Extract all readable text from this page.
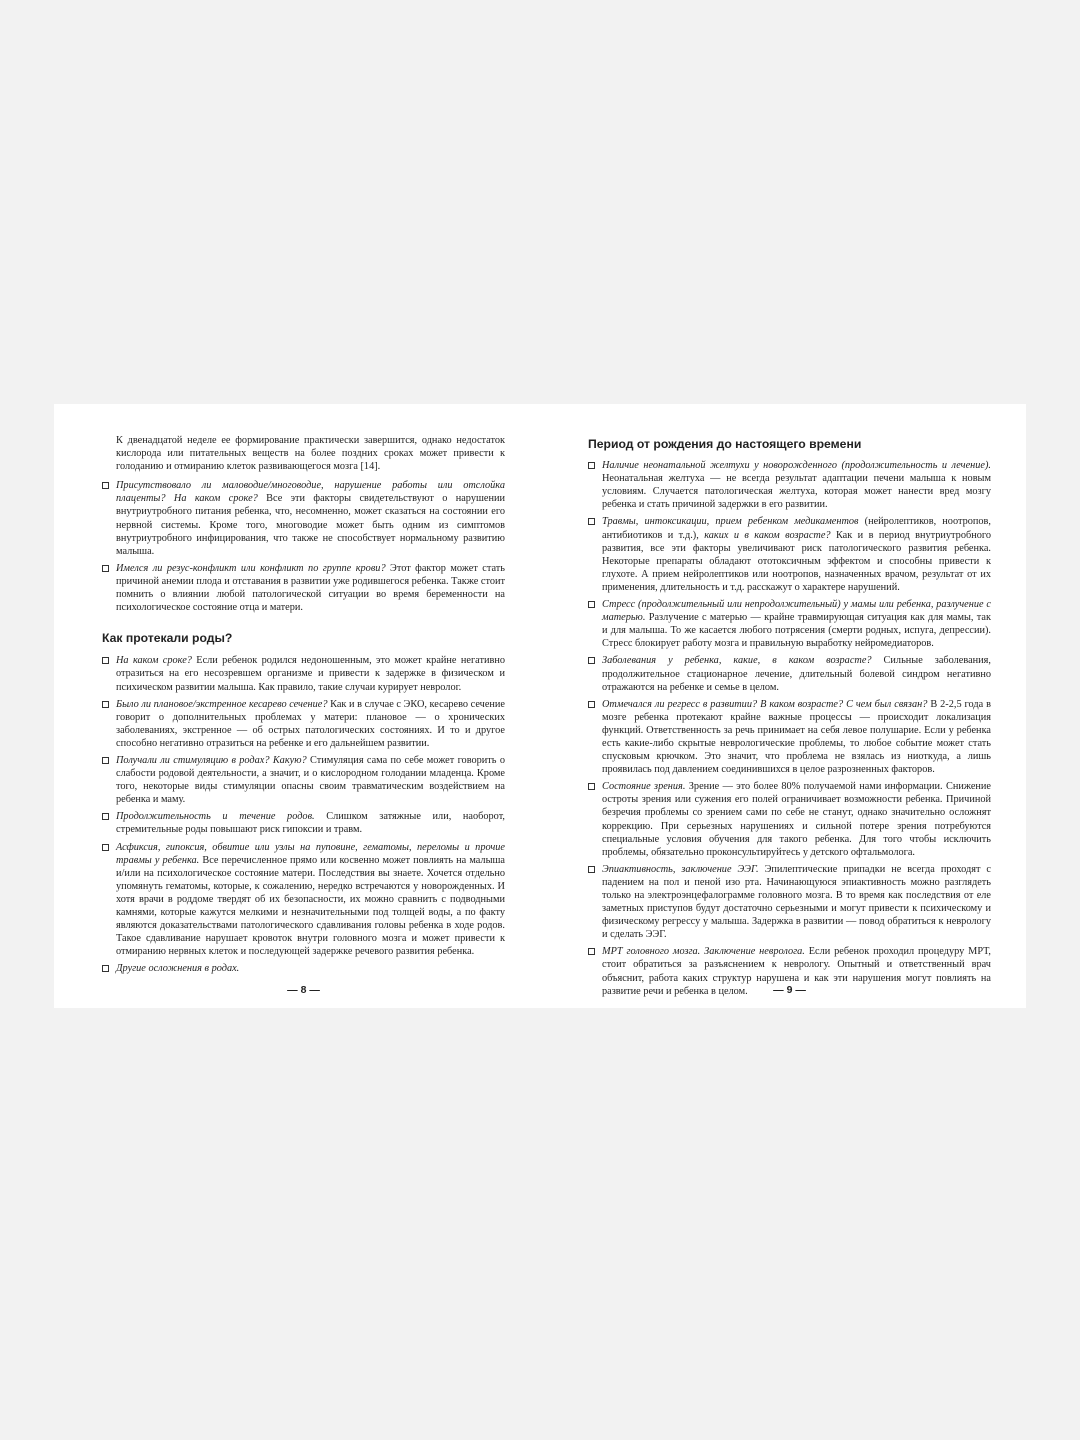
К двенадцатой неделе ее формирование практически завершится, однако недостаток кислорода или питательных веществ на более поздних сроках может привести к голоданию и отмиранию клеток развивающегося мозга [14].

Присутствовало ли маловодие/многоводие, нарушение работы или отслойка плаценты? На каком сроке? Все эти факторы свидетельствуют о нарушении внутриутробного питания ребенка, что, несомненно, может сказаться на состоянии его нервной системы. Кроме того, многоводие может быть одним из симптомов внутриутробного инфицирования, что также не способствует нормальному развитию малыша.
Имелся ли резус-конфликт или конфликт по группе крови? Этот фактор может стать причиной анемии плода и отставания в развитии уже родившегося ребенка. Также стоит помнить о влиянии любой патологической ситуации во время беременности на психологическое состояние отца и матери.
Как протекали роды?
На каком сроке? Если ребенок родился недоношенным, это может крайне негативно отразиться на его несозревшем организме и привести к задержке в физическом и психическом развитии малыша. Как правило, такие случаи курирует невролог.
Было ли плановое/экстренное кесарево сечение? Как и в случае с ЭКО, кесарево сечение говорит о дополнительных проблемах у матери: плановое — о хронических заболеваниях, экстренное — об острых патологических состояниях. И то и другое способно негативно отразиться на ребенке и его дальнейшем развитии.
Получали ли стимуляцию в родах? Какую? Стимуляция сама по себе может говорить о слабости родовой деятельности, а значит, и о кислородном голодании младенца. Кроме того, некоторые виды стимуляции опасны своим травматическим воздействием на ребенка и маму.
Продолжительность и течение родов. Слишком затяжные или, наоборот, стремительные роды повышают риск гипоксии и травм.
Асфиксия, гипоксия, обвитие или узлы на пуповине, гематомы, переломы и прочие травмы у ребенка. Все перечисленное прямо или косвенно может повлиять на малыша и/или на психологическое состояние матери. Последствия вы знаете. Хочется отдельно упомянуть гематомы, которые, к сожалению, нередко встречаются у новорожденных. И хотя врачи в роддоме твердят об их безопасности, их можно сравнить с подводными камнями, которые кажутся мелкими и незначительными под толщей воды, а по факту являются доказательствами патологического сдавливания головы ребенка в ходе родов. Такое сдавливание нарушает кровоток внутри головного мозга и может привести к отмиранию нервных клеток и последующей задержке речевого развития ребенка.
Другие осложнения в родах.
— 8 —
Период от рождения до настоящего времени
Наличие неонатальной желтухи у новорожденного (продолжительность и лечение). Неонатальная желтуха — не всегда результат адаптации печени малыша к новым условиям. Случается патологическая желтуха, которая может нанести вред мозгу ребенка и стать причиной задержки в его развитии.
Травмы, интоксикации, прием ребенком медикаментов (нейролептиков, ноотропов, антибиотиков и т.д.), каких и в каком возрасте? Как и в период внутриутробного развития, все эти факторы увеличивают риск патологического развития ребенка. Некоторые препараты обладают ототоксичным эффектом и способны привести к глухоте. А прием нейролептиков или ноотропов, назначенных врачом, результат от их применения, длительность и т.д. расскажут о характере нарушений.
Стресс (продолжительный или непродолжительный) у мамы или ребенка, разлучение с матерью. Разлучение с матерью — крайне травмирующая ситуация как для мамы, так и для малыша. То же касается любого потрясения (смерти родных, испуга, депрессии). Стресс блокирует работу мозга и правильную выработку нейромедиаторов.
Заболевания у ребенка, какие, в каком возрасте? Сильные заболевания, продолжительное стационарное лечение, длительный болевой синдром негативно отражаются на ребенке и семье в целом.
Отмечался ли регресс в развитии? В каком возрасте? С чем был связан? В 2-2,5 года в мозге ребенка протекают крайне важные процессы — происходит локализация функций. Ответственность за речь принимает на себя левое полушарие. Если у ребенка есть какие-либо скрытые неврологические проблемы, то любое событие может стать спусковым крючком. Это значит, что проблема не взялась из ниоткуда, а лишь проявилась под давлением соединившихся в целое разрозненных факторов.
Состояние зрения. Зрение — это более 80% получаемой нами информации. Снижение остроты зрения или сужения его полей ограничивает возможности ребенка. Причиной безречия проблемы со зрением сами по себе не станут, однако значительно осложнят коррекцию. При серьезных нарушениях и сильной потере зрения потребуются специальные условия обучения для такого ребенка. Для того чтобы исключить проблемы, обязательно проконсультируйтесь у детского офтальмолога.
Эпиактивность, заключение ЭЭГ. Эпилептические припадки не всегда проходят с падением на пол и пеной изо рта. Начинающуюся эпиактивность можно разглядеть только на электроэнцефалограмме головного мозга. В то время как последствия от еле заметных приступов будут достаточно серьезными и могут привести к психическому и физическому регрессу у малыша. Задержка в развитии — повод обратиться к неврологу и сделать ЭЭГ.
МРТ головного мозга. Заключение невролога. Если ребенок проходил процедуру МРТ, стоит обратиться за разъяснением к неврологу. Опытный и ответственный врач объяснит, работа каких структур нарушена и как эти нарушения могут повлиять на развитие речи и ребенка в целом.	— 9 —
